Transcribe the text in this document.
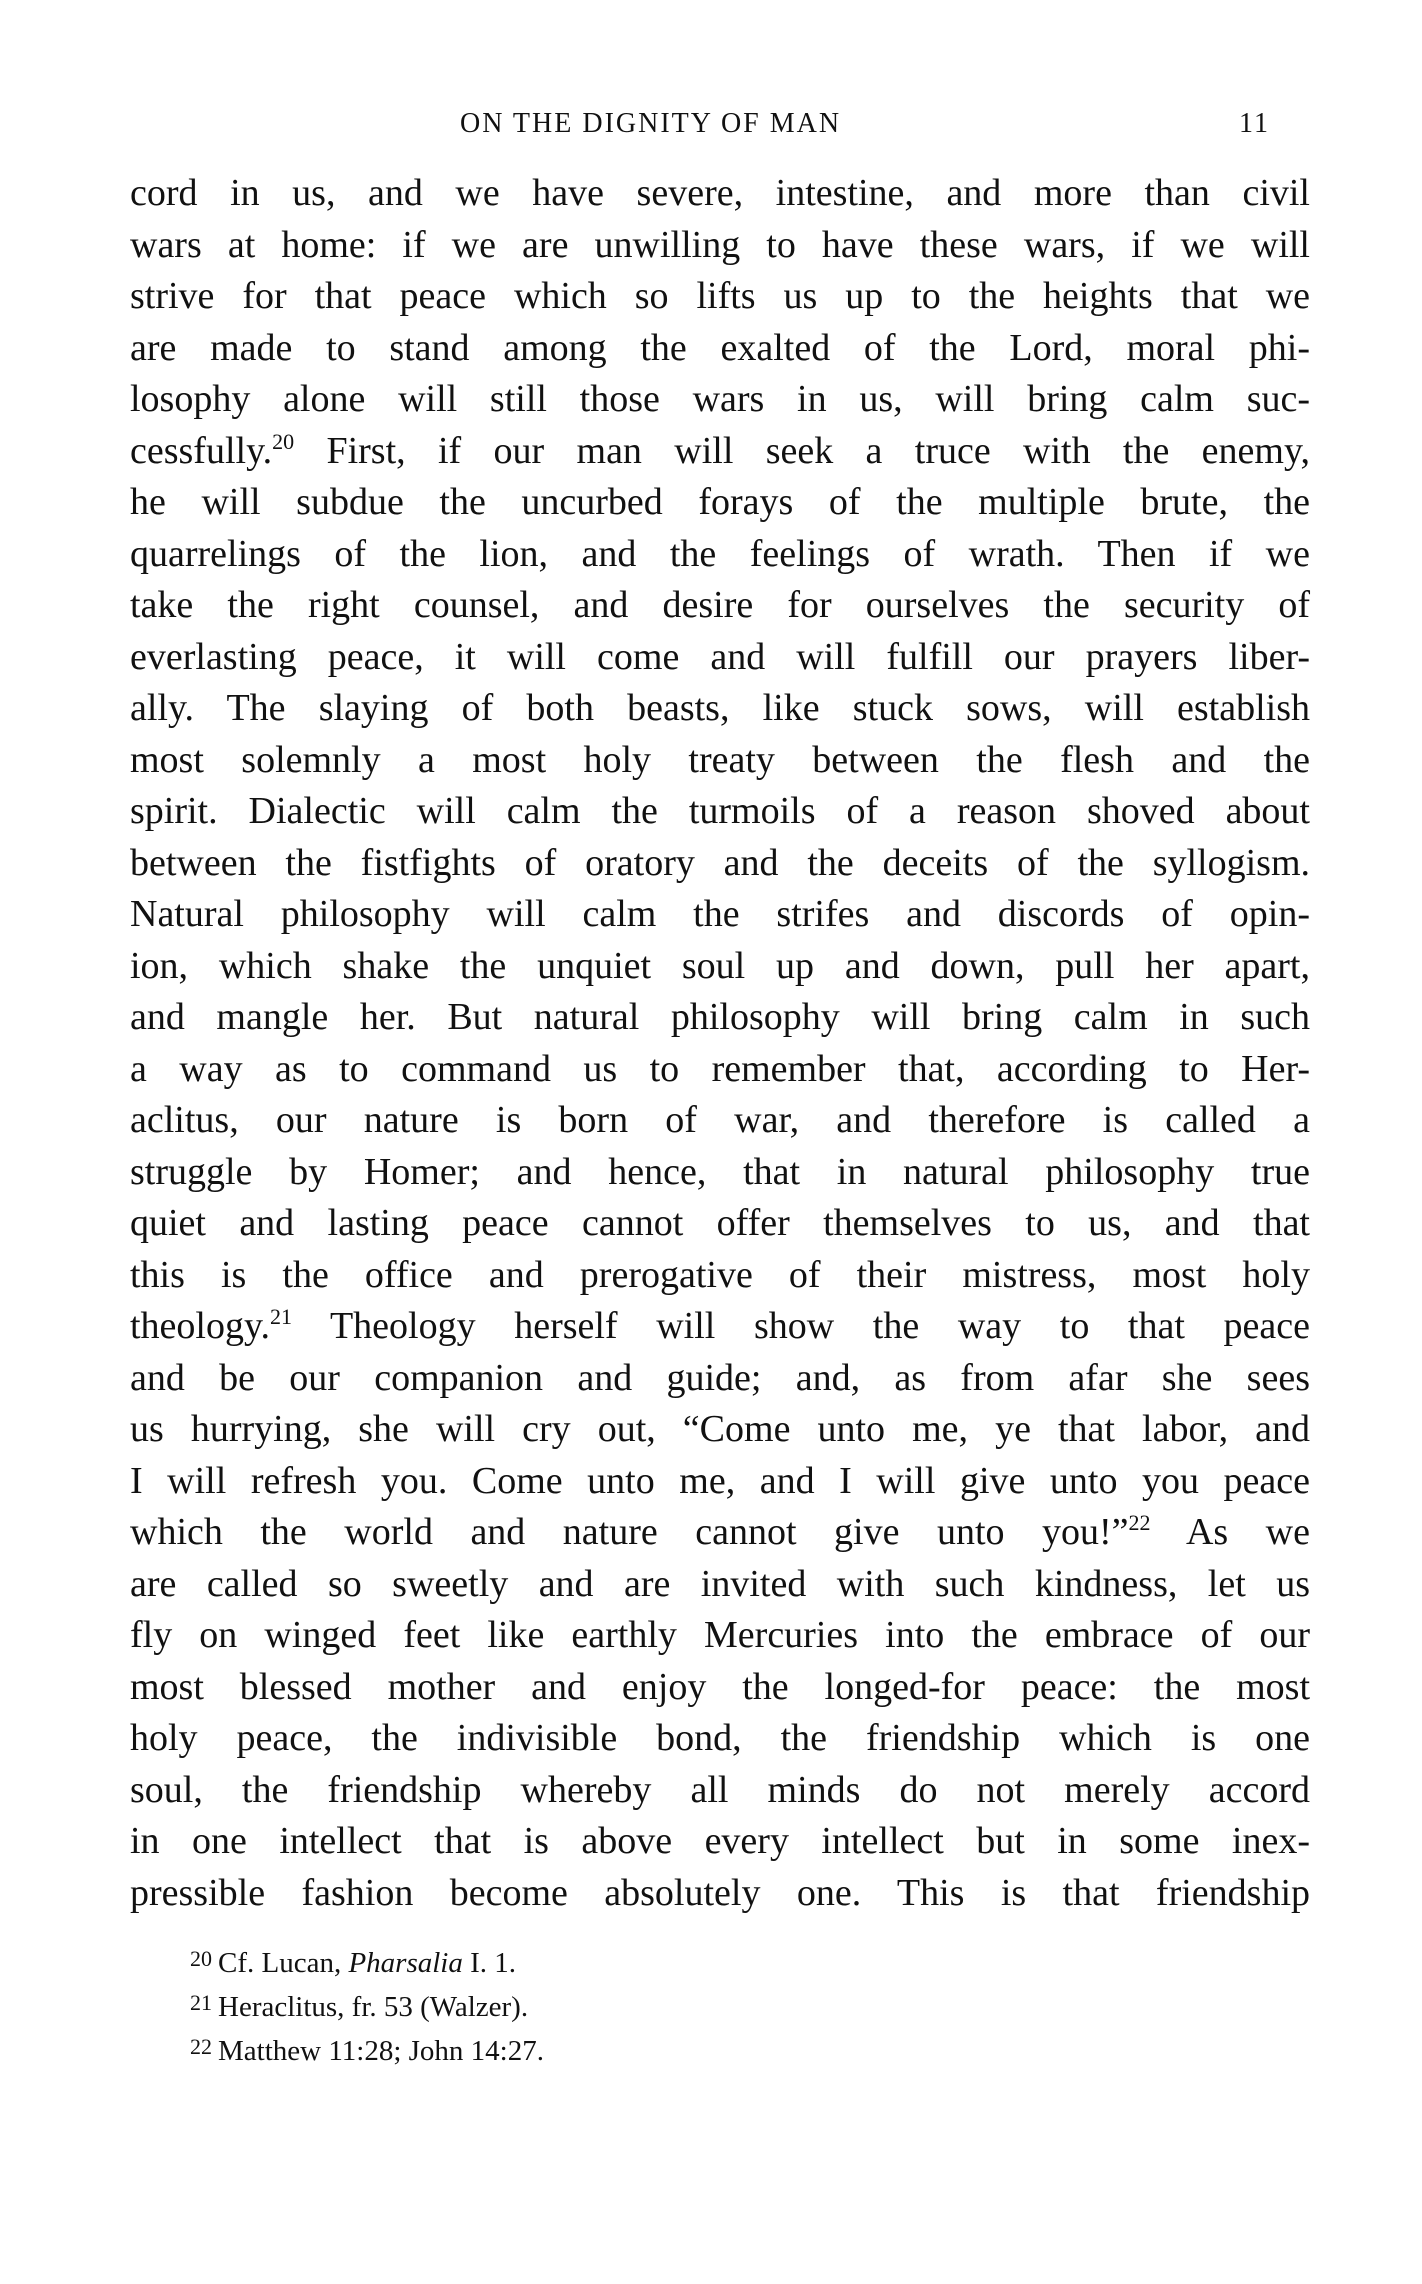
ON THE DIGNITY OF MAN	11
cord in us, and we have severe, intestine, and more than civil
wars at home: if we are unwilling to have these wars, if we will
strive for that peace which so lifts us up to the heights that we
are made to stand among the exalted of the Lord, moral phi-
losophy alone will still those wars in us, will bring calm suc-
cessfully.$^{20}$ First, if our man will seek a truce with the enemy,
he will subdue the uncurbed forays of the multiple brute, the
quarrelings of the lion, and the feelings of wrath. Then if we
take the right counsel, and desire for ourselves the security of
everlasting peace, it will come and will fulfill our prayers liber-
ally. The slaying of both beasts, like stuck sows, will establish
most solemnly a most holy treaty between the flesh and the
spirit. Dialectic will calm the turmoils of a reason shoved about
between the fistfights of oratory and the deceits of the syllogism.
Natural philosophy will calm the strifes and discords of opin-
ion, which shake the unquiet soul up and down, pull her apart,
and mangle her. But natural philosophy will bring calm in such
a way as to command us to remember that, according to Her-
aclitus, our nature is born of war, and therefore is called a
struggle by Homer; and hence, that in natural philosophy true
quiet and lasting peace cannot offer themselves to us, and that
this is the office and prerogative of their mistress, most holy
theology.$^{21}$ Theology herself will show the way to that peace
and be our companion and guide; and, as from afar she sees
us hurrying, she will cry out, “Come unto me, ye that labor, and
I will refresh you. Come unto me, and I will give unto you peace
which the world and nature cannot give unto you!”$^{22}$ As we
are called so sweetly and are invited with such kindness, let us
fly on winged feet like earthly Mercuries into the embrace of our
most blessed mother and enjoy the longed-for peace: the most
holy peace, the indivisible bond, the friendship which is one
soul, the friendship whereby all minds do not merely accord
in one intellect that is above every intellect but in some inex-
pressible fashion become absolutely one. This is that friendship
$^{20}$ Cf. Lucan, Pharsalia I. 1.
$^{21}$ Heraclitus, fr. 53 (Walzer).
$^{22}$ Matthew 11:28; John 14:27.
